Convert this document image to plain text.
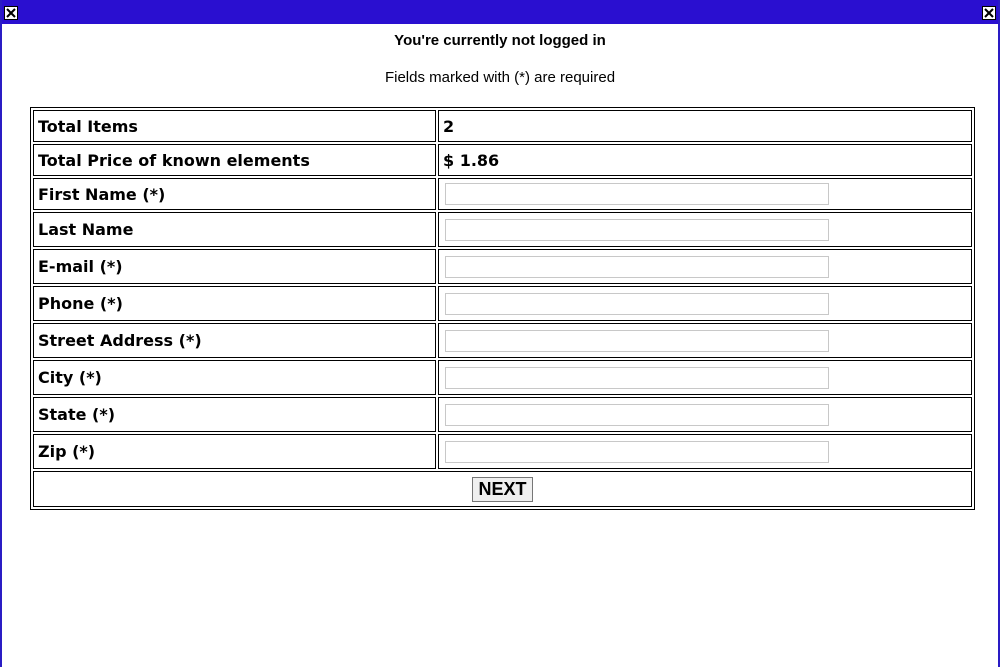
You're currently not logged in
Fields marked with (*) are required
Total Items	2
Total Price of known elements	$ 1.86
First Name (*)	
Last Name	
E-mail (*)	
Phone (*)	
Street Address (*)	
City (*)	
State (*)	
Zip (*)	
NEXT	
